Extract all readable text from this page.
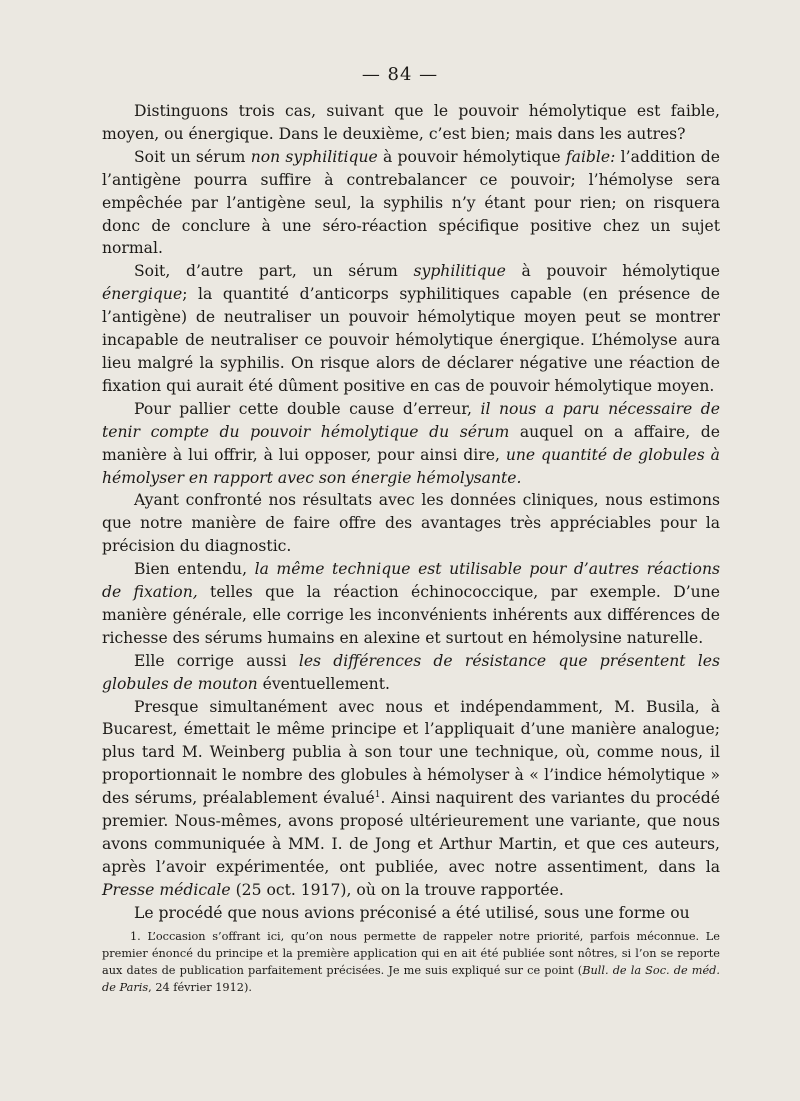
— 84 —

Distinguons trois cas, suivant que le pouvoir hémolytique est faible, moyen, ou énergique. Dans le deuxième, c’est bien; mais dans les autres?

Soit un sérum non syphilitique à pouvoir hémolytique faible: l’addition de l’antigène pourra suffire à contrebalancer ce pouvoir; l’hémolyse sera empêchée par l’antigène seul, la syphilis n’y étant pour rien; on risquera donc de conclure à une séro-réaction spécifique positive chez un sujet normal.

Soit, d’autre part, un sérum syphilitique à pouvoir hémolytique énergique; la quantité d’anticorps syphilitiques capable (en présence de l’antigène) de neutraliser un pouvoir hémolytique moyen peut se montrer incapable de neutraliser ce pouvoir hémolytique énergique. L’hémolyse aura lieu malgré la syphilis. On risque alors de déclarer négative une réaction de fixation qui aurait été dûment positive en cas de pouvoir hémolytique moyen.

Pour pallier cette double cause d’erreur, il nous a paru nécessaire de tenir compte du pouvoir hémolytique du sérum auquel on a affaire, de manière à lui offrir, à lui opposer, pour ainsi dire, une quantité de globules à hémolyser en rapport avec son énergie hémolysante.

Ayant confronté nos résultats avec les données cliniques, nous estimons que notre manière de faire offre des avantages très appréciables pour la précision du diagnostic.

Bien entendu, la même technique est utilisable pour d’autres réactions de fixation, telles que la réaction échinococcique, par exemple. D’une manière générale, elle corrige les inconvénients inhérents aux différences de richesse des sérums humains en alexine et surtout en hémolysine naturelle.

Elle corrige aussi les différences de résistance que présentent les globules de mouton éventuellement.

Presque simultanément avec nous et indépendamment, M. Busila, à Bucarest, émettait le même principe et l’appliquait d’une manière analogue; plus tard M. Weinberg publia à son tour une technique, où, comme nous, il proportionnait le nombre des globules à hémolyser à « l’indice hémolytique » des sérums, préalablement évalué$^1$. Ainsi naquirent des variantes du procédé premier. Nous-mêmes, avons proposé ultérieurement une variante, que nous avons communiquée à MM. I. de Jong et Arthur Martin, et que ces auteurs, après l’avoir expérimentée, ont publiée, avec notre assentiment, dans la Presse médicale (25 oct. 1917), où on la trouve rapportée.

Le procédé que nous avions préconisé a été utilisé, sous une forme ou

1. L’occasion s’offrant ici, qu’on nous permette de rappeler notre priorité, parfois méconnue. Le premier énoncé du principe et la première application qui en ait été publiée sont nôtres, si l’on se reporte aux dates de publication parfaitement précisées. Je me suis expliqué sur ce point (Bull. de la Soc. de méd. de Paris, 24 février 1912).
